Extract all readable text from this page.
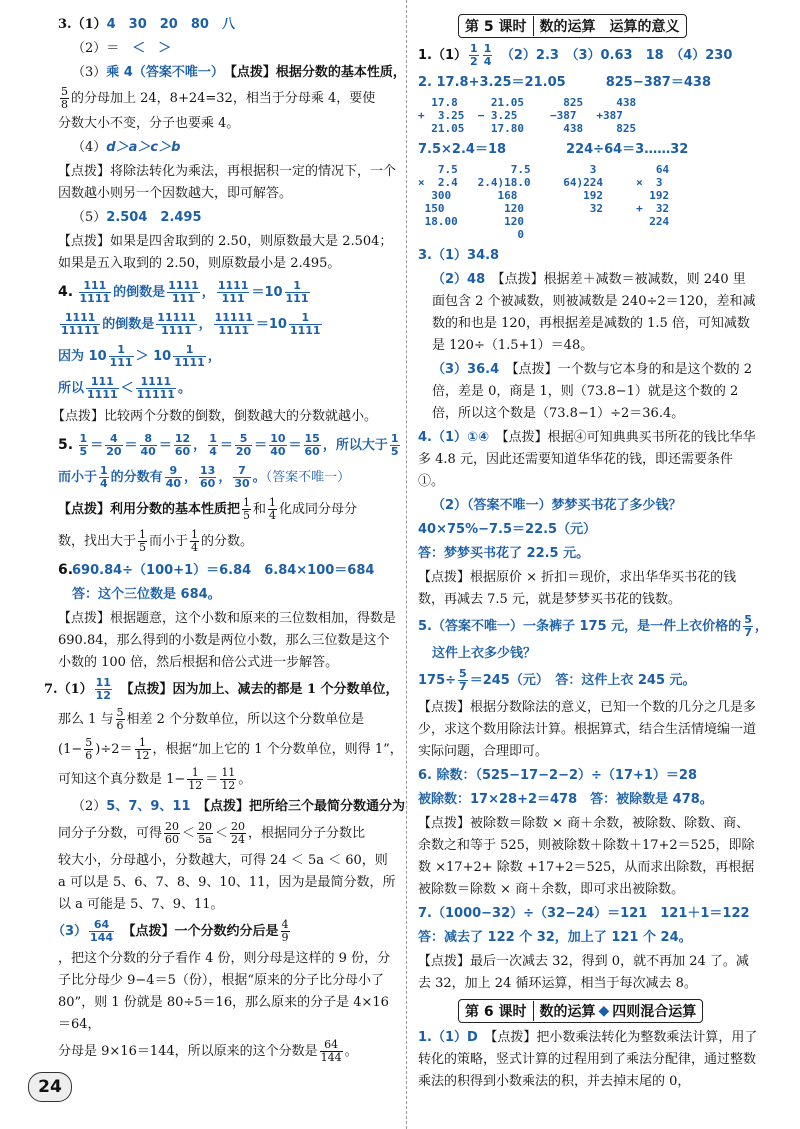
3.（1）4　30　20　80　八
（2）＝　＜　＞
（3）乘 4（答案不唯一）　 【点拨】根据分数的基本性质，
$\frac{5}{8}$ 的分母加上 24，8+24=32，相当于分母乘 4，要使
分数大小不变，分子也要乘 4。
（4）d＞a＞c＞b
【点拨】将除法转化为乘法，再根据积一定的情况下，一个因数越小则另一个因数越大，即可解答。
（5）2.504　2.495
【点拨】如果是四舍取到的 2.50，则原数最大是 2.504；如果是五入取到的 2.50，则原数最小是 2.495。
4. $\frac{111}{1111}$ 的倒数是 $\frac{1111}{111}$ ， $\frac{1111}{111} =10 \frac{1}{111}$
$\frac{1111}{11111}$ 的倒数是 $\frac{11111}{1111}$ ， $\frac{11111}{1111} =10 \frac{1}{1111}$
因为 $10 \frac{1}{111} > 10 \frac{1}{1111}$ ，
所以 $\frac{111}{1111} < \frac{1111}{11111}$ 。
【点拨】比较两个分数的倒数，倒数越大的分数就越小。
5. $\frac{1}{5} = \frac{4}{20} = \frac{8}{40} = \frac{12}{60}$ ， $\frac{1}{4} = \frac{5}{20} = \frac{10}{40} = \frac{15}{60}$ ，所以大于 $\frac{1}{5}$
而小于 $\frac{1}{4}$ 的分数有 $\frac{9}{40}$ ， $\frac{13}{60}$ ， $\frac{7}{30}$ 。（答案不唯一）
【点拨】利用分数的基本性质把 $\frac{1}{5}$ 和 $\frac{1}{4}$ 化成同分母分
数，找出大于 $\frac{1}{5}$ 而小于 $\frac{1}{4}$ 的分数。
6.690.84÷（100+1）＝6.84　6.84×100＝684
答：这个三位数是 684。
【点拨】根据题意，这个小数和原来的三位数相加，得数是 690.84，那么得到的小数是两位小数，那么三位数是这个小数的 100 倍，然后根据和倍公式进一步解答。
$7.(1) \frac{11}{12}$
　 【点拨】因为加上、减去的都是 1 个分数单位，
那么 1 与 $\frac{5}{6}$ 相差 2 个分数单位，所以这个分数单位是
$(1- \frac{5}{6} )\div 2= \frac{1}{12}$ ，根据“加上它的 1 个分数单位，则得 1”，
可知这个真分数是 $1- \frac{1}{12} = \frac{11}{12}$ 。
（2）5、7、9、11　 【点拨】把所给三个最简分数通分为
同分子分数，可得 $\frac{20}{60} < \frac{20}{5a} < \frac{20}{24}$ ，根据同分子分数比
较大小，分母越小，分数越大，可得 24 ＜ 5a ＜ 60，则 a 可以是 5、6、7、8、9、10、11，因为是最简分数，所以 a 可能是 5、7、9、11。
$(3) \frac{64}{144}$
　 【点拨】一个分数约分后是 $\frac{4}{9}$
，把这个分数的分子看作 4 份，则分母是这样的 9 份，分子比分母少 9−4＝5（份），根据“原来的分子比分母小了 80”，则 1 份就是 80÷5＝16，那么原来的分子是 4×16＝64，
分母是 9×16＝144，所以原来的这个分数是 $\frac{64}{144}$ 。
第 5 课时 数的运算　运算的意义
$1.(1) \frac{1}{2} \frac{1}{4}$
　 （2）2.3　 （3）0.63　18　 （4）230
2. 17.8+3.25＝21.05	825−387＝438
17.8     21.05
+  3.25  − 3.25
21.05    17.80
825     438
−387   +387
438     825
7.5×2.4＝18	224÷64＝3……32
7.5        7.5
×  2.4   2.4)18.0
300       168
150         120
18.00       120
0
3         64
64)224     ×  3
192       192
32     +  32
224
3.（1）34.8
（2）48　 【点拨】根据差＋减数＝被减数，则 240 里面包含 2 个被减数，则被减数是 240÷2＝120，差和减数的和也是 120，再根据差是减数的 1.5 倍，可知减数是 120÷（1.5+1）＝48。
（3）36.4　 【点拨】一个数与它本身的和是这个数的 2 倍，差是 0，商是 1，则（73.8−1）就是这个数的 2 倍，所以这个数是（73.8−1）÷2＝36.4。
4.（1）①④　 【点拨】根据④可知典典买书所花的钱比华华多 4.8 元，因此还需要知道华华花的钱，即还需要条件①。
（2）（答案不唯一）梦梦买书花了多少钱？
40×75%−7.5＝22.5（元）
答：梦梦买书花了 22.5 元。
【点拨】根据原价 × 折扣＝现价，求出华华买书花的钱数，再减去 7.5 元，就是梦梦买书花的钱数。
5.（答案不唯一）一条裤子 175 元，是一件上衣价格的 $\frac{5}{7}$ ，
这件上衣多少钱？
$175\div \frac{5}{7} =245$（元）　答：这件上衣 245 元。
【点拨】根据分数除法的意义，已知一个数的几分之几是多少，求这个数用除法计算。根据算式，结合生活情境编一道实际问题，合理即可。
6. 除数：（525−17−2−2）÷（17+1）＝28
被除数：17×28+2＝478　答：被除数是 478。
【点拨】被除数＝除数 × 商＋余数，被除数、除数、商、余数之和等于 525，则被除数＋除数＋17+2＝525，即除数 ×17+2+ 除数 +17+2＝525，从而求出除数，再根据被除数＝除数 × 商＋余数，即可求出被除数。
7.（1000−32）÷（32−24）＝121　121＋1＝122
答：减去了 122 个 32，加上了 121 个 24。
【点拨】最后一次减去 32，得到 0，就不再加 24 了。减去 32，加上 24 循环运算，相当于每次减去 8。
第 6 课时 数的运算 ◆ 四则混合运算
1.（1）D　 【点拨】把小数乘法转化为整数乘法计算，用了转化的策略，竖式计算的过程用到了乘法分配律，通过整数乘法的积得到小数乘法的积，并去掉末尾的 0，
24
